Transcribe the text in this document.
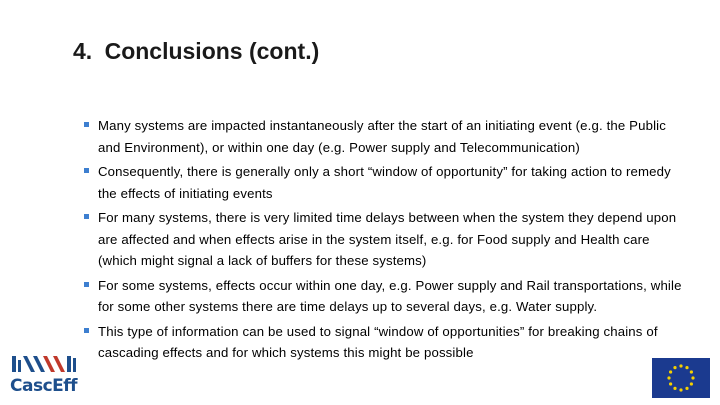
4. Conclusions (cont.)
Many systems are impacted instantaneously after the start of an initiating event (e.g. the Public and Environment), or within one day (e.g. Power supply and Telecommunication)
Consequently, there is generally only a short “window of opportunity” for taking action to remedy the effects of initiating events
For many systems, there is very limited time delays between when the system they depend upon are affected and when effects arise in the system itself, e.g. for Food supply and Health care (which might signal a lack of buffers for these systems)
For some systems, effects occur within one day, e.g. Power supply and Rail transportations, while for some other systems there are time delays up to several days, e.g. Water supply.
This type of information can be used to signal “window of opportunities” for breaking chains of cascading effects and for which systems this might be possible
CascEff
